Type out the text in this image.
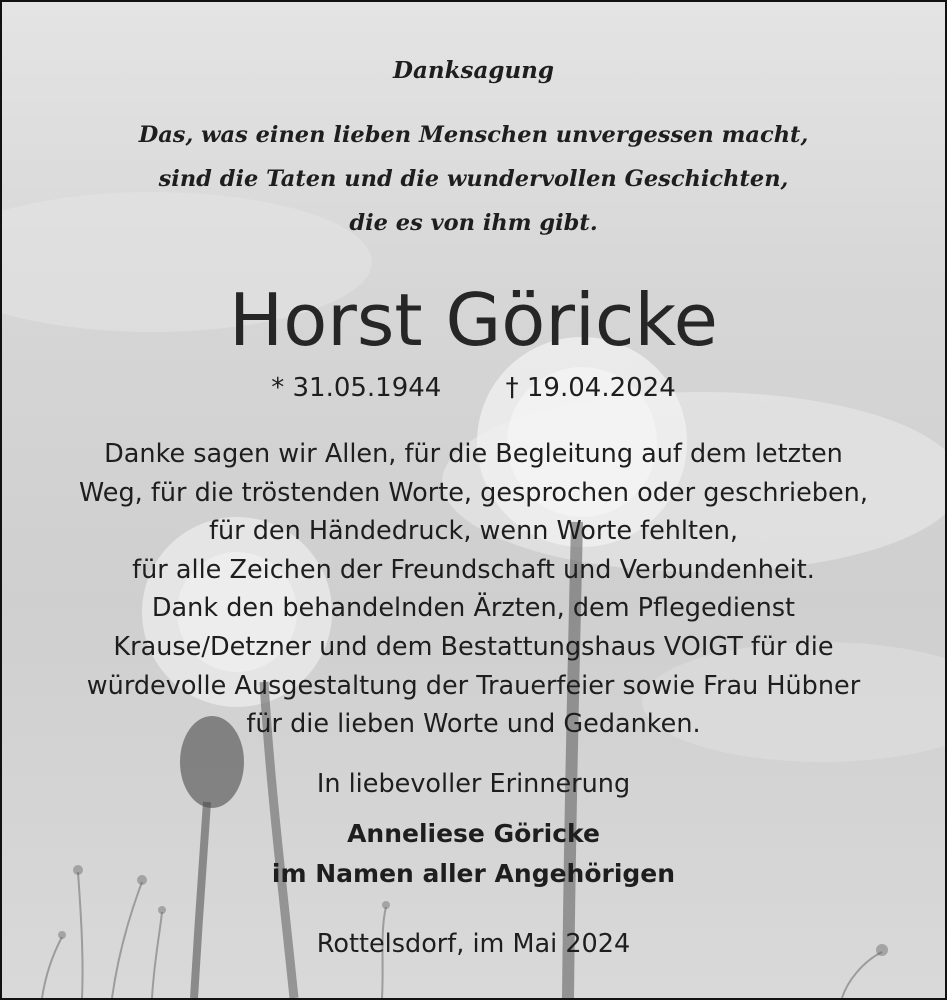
Danksagung
Das, was einen lieben Menschen unvergessen macht,
sind die Taten und die wundervollen Geschichten,
die es von ihm gibt.
Horst Göricke
* 31.05.1944 † 19.04.2024
Danke sagen wir Allen, für die Begleitung auf dem letzten
Weg, für die tröstenden Worte, gesprochen oder geschrieben,
für den Händedruck, wenn Worte fehlten,
für alle Zeichen der Freundschaft und Verbundenheit.
Dank den behandelnden Ärzten, dem Pflegedienst
Krause/Detzner und dem Bestattungshaus VOIGT für die
würdevolle Ausgestaltung der Trauerfeier sowie Frau Hübner
für die lieben Worte und Gedanken.
In liebevoller Erinnerung
Anneliese Göricke
im Namen aller Angehörigen
Rottelsdorf, im Mai 2024
